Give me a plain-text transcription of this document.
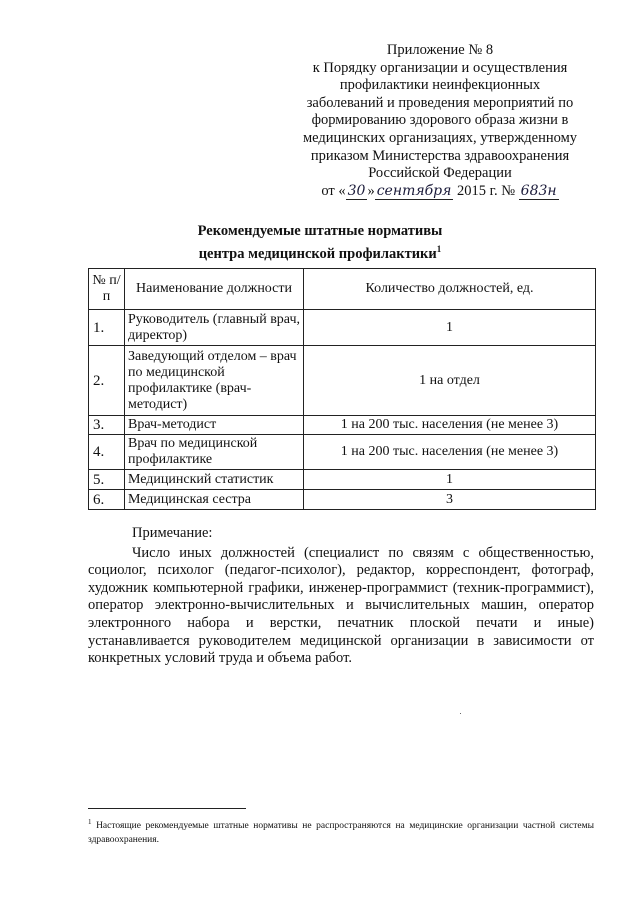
Приложение № 8
к Порядку организации и осуществления
профилактики неинфекционных
заболеваний и проведения мероприятий по
формированию здорового образа жизни в
медицинских организациях, утвержденному
приказом Министерства здравоохранения
Российской Федерации
от « 30 » сентября 2015 г. № 683н
Рекомендуемые штатные нормативы
центра медицинской профилактики$^1$
№ п/п	Наименование должности	Количество должностей, ед.
1.	Руководитель (главный врач, директор)	1
2.	Заведующий отделом – врач по медицинской профилактике (врач-методист)	1 на отдел
3.	Врач-методист	1 на 200 тыс. населения (не менее 3)
4.	Врач по медицинской профилактике	1 на 200 тыс. населения (не менее 3)
5.	Медицинский статистик	1
6.	Медицинская сестра	3
Примечание:

Число иных должностей (специалист по связям с общественностью, социолог, психолог (педагог-психолог), редактор, корреспондент, фотограф, художник компьютерной графики, инженер-программист (техник-программист), оператор электронно-вычислительных и вычислительных машин, оператор электронного набора и верстки, печатник плоской печати и иные) устанавливается руководителем медицинской организации в зависимости от конкретных условий труда и объема работ.

$^1$ Настоящие рекомендуемые штатные нормативы не распространяются на медицинские организации частной системы здравоохранения.
